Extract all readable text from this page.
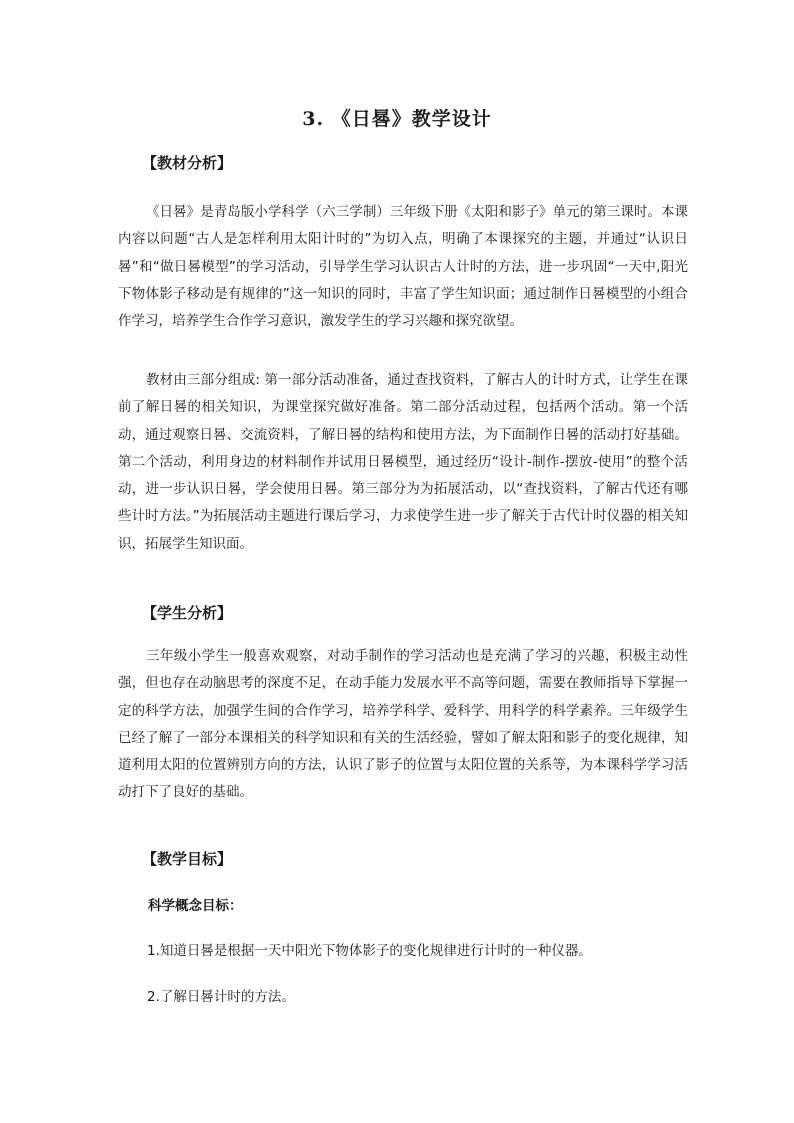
3. 《日晷》教学设计
【教材分析】

《日晷》是青岛版小学科学（六三学制）三年级下册《太阳和影子》单元的第三课时。本课内容以问题“古人是怎样利用太阳计时的”为切入点，明确了本课探究的主题，并通过“认识日晷”和“做日晷模型”的学习活动，引导学生学习认识古人计时的方法，进一步巩固“一天中,阳光下物体影子移动是有规律的”这一知识的同时，丰富了学生知识面；通过制作日晷模型的小组合作学习，培养学生合作学习意识，激发学生的学习兴趣和探究欲望。

教材由三部分组成: 第一部分活动准备，通过查找资料，了解古人的计时方式，让学生在课前了解日晷的相关知识，为课堂探究做好准备。第二部分活动过程，包括两个活动。第一个活动，通过观察日晷、交流资料，了解日晷的结构和使用方法，为下面制作日晷的活动打好基础。第二个活动，利用身边的材料制作并试用日晷模型，通过经历“设计-制作-摆放-使用”的整个活动，进一步认识日晷，学会使用日晷。第三部分为为拓展活动，以“查找资料，了解古代还有哪些计时方法。”为拓展活动主题进行课后学习，力求使学生进一步了解关于古代计时仪器的相关知识，拓展学生知识面。

【学生分析】

三年级小学生一般喜欢观察，对动手制作的学习活动也是充满了学习的兴趣，积极主动性强，但也存在动脑思考的深度不足，在动手能力发展水平不高等问题，需要在教师指导下掌握一定的科学方法，加强学生间的合作学习，培养学科学、爱科学、用科学的科学素养。三年级学生已经了解了一部分本课相关的科学知识和有关的生活经验，譬如了解太阳和影子的变化规律，知道利用太阳的位置辨别方向的方法，认识了影子的位置与太阳位置的关系等，为本课科学学习活动打下了良好的基础。

【教学目标】
科学概念目标：

1.知道日晷是根据一天中阳光下物体影子的变化规律进行计时的一种仪器。

2.了解日晷计时的方法。
